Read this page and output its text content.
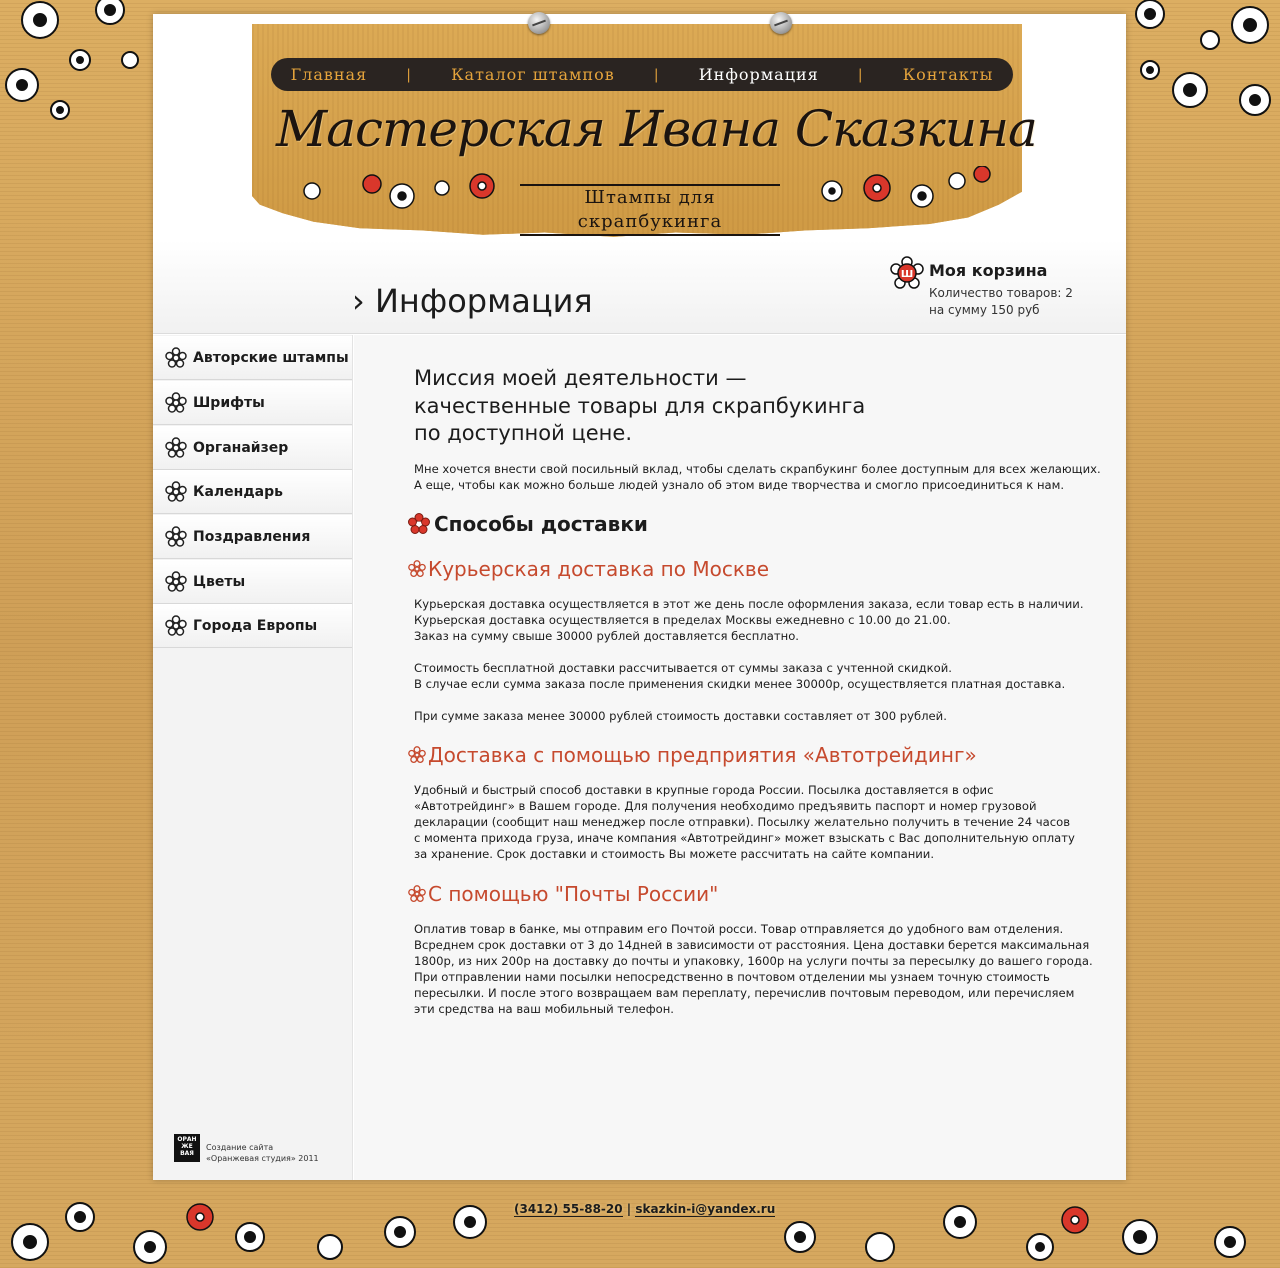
Главная	| Каталог штампов	| Информация	| Контакты
Мастерская Ивана Сказкина
Штампы для скрапбукинга
› Информация
Ш Моя корзина
Количество товаров: 2
на сумму 150 руб
Авторские штампы
Шрифты
Органайзер
Календарь
Поздравления
Цветы
Города Европы

Миссия моей деятельности —

качественные товары для скрапбукинга

по доступной цене.

Мне хочется внести свой посильный вклад, чтобы сделать скрапбукинг более доступным для всех желающих.

А еще, чтобы как можно больше людей узнало об этом виде творчества и смогло присоединиться к нам.

Способы доставки
Курьерская доставка по Москве

Курьерская доставка осуществляется в этот же день после оформления заказа, если товар есть в наличии.

Курьерская доставка осуществляется в пределах Москвы ежедневно с 10.00 до 21.00.

Заказ на сумму свыше 30000 рублей доставляется бесплатно.

Стоимость бесплатной доставки рассчитывается от суммы заказа с учтенной скидкой.

В случае если сумма заказа после применения скидки менее 30000р, осуществляется платная доставка.

При сумме заказа менее 30000 рублей стоимость доставки составляет от 300 рублей.

Доставка с помощью предприятия «Автотрейдинг»

Удобный и быстрый способ доставки в крупные города России. Посылка доставляется в офис

«Автотрейдинг» в Вашем городе. Для получения необходимо предъявить паспорт и номер грузовой

декларации (сообщит наш менеджер после отправки). Посылку желательно получить в течение 24 часов

с момента прихода груза, иначе компания «Автотрейдинг» может взыскать с Вас дополнительную оплату

за хранение. Срок доставки и стоимость Вы можете рассчитать на сайте компании.

С помощью "Почты России"

Оплатив товар в банке, мы отправим его Почтой росси. Товар отправляется до удобного вам отделения.

Всреднем срок доставки от 3 до 14дней в зависимости от расстояния. Цена доставки берется максимальная

1800р, из них 200р на доставку до почты и упаковку, 1600р на услуги почты за пересылку до вашего города.

При отправлении нами посылки непосредственно в почтовом отделении мы узнаем точную стоимость

пересылки. И после этого возвращаем вам переплату, перечислив почтовым переводом, или перечисляем

эти средства на ваш мобильный телефон.

ОРАН
ЖЕ
ВАЯ
Создание сайта
«Оранжевая студия» 2011
(3412) 55-88-20 | skazkin-i@yandex.ru
